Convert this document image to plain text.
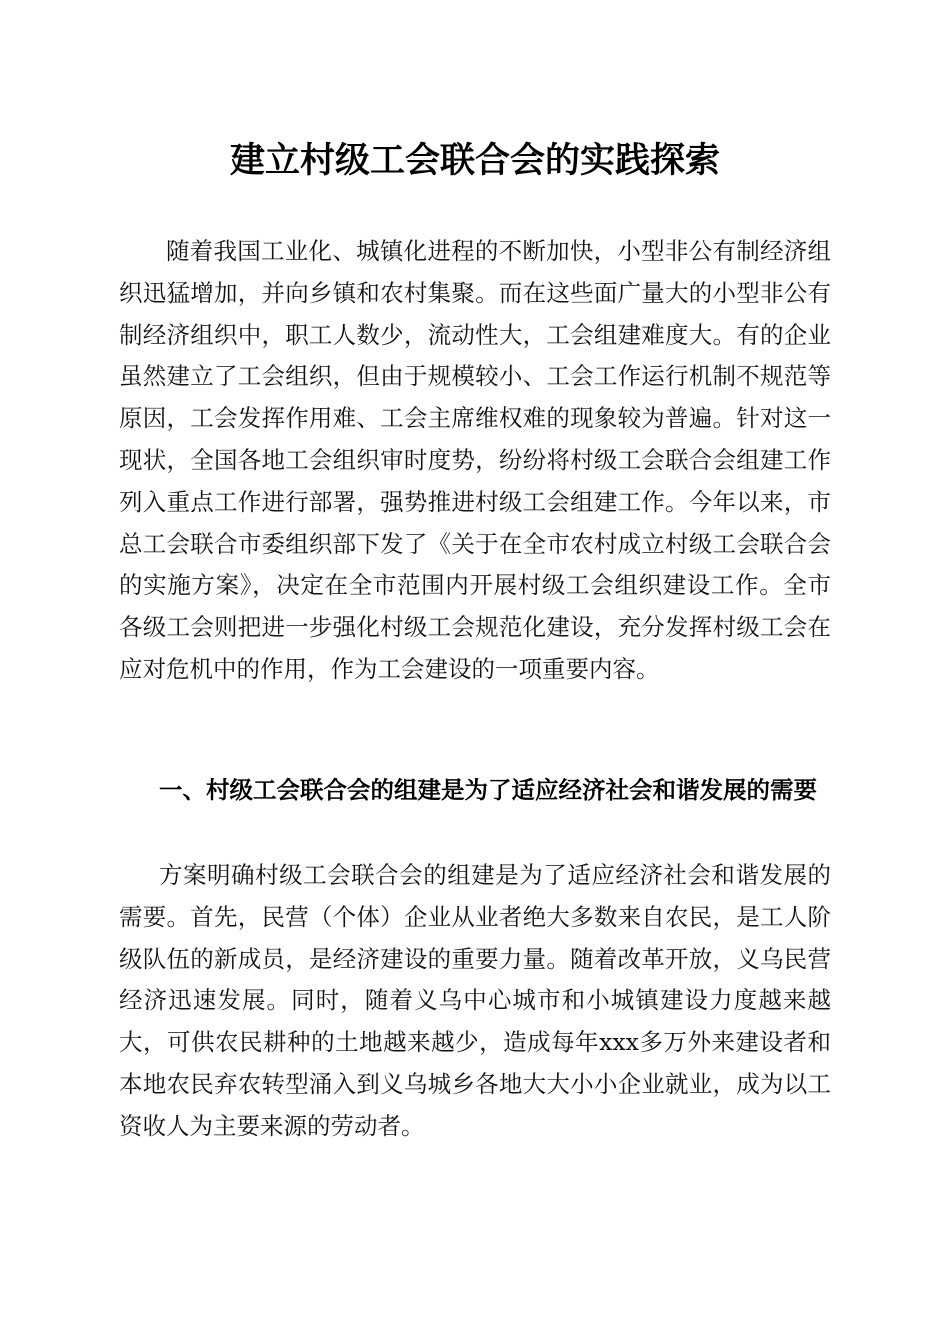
建立村级工会联合会的实践探索

随着我国工业化、城镇化进程的不断加快，小型非公有制经济组织迅猛增加，并向乡镇和农村集聚。而在这些面广量大的小型非公有制经济组织中，职工人数少，流动性大，工会组建难度大。有的企业虽然建立了工会组织，但由于规模较小、工会工作运行机制不规范等原因，工会发挥作用难、工会主席维权难的现象较为普遍。针对这一现状，全国各地工会组织审时度势，纷纷将村级工会联合会组建工作列入重点工作进行部署，强势推进村级工会组建工作。今年以来，市总工会联合市委组织部下发了《关于在全市农村成立村级工会联合会的实施方案》，决定在全市范围内开展村级工会组织建设工作。全市各级工会则把进一步强化村级工会规范化建设，充分发挥村级工会在应对危机中的作用，作为工会建设的一项重要内容。

一、村级工会联合会的组建是为了适应经济社会和谐发展的需要

方案明确村级工会联合会的组建是为了适应经济社会和谐发展的需要。首先，民营（个体）企业从业者绝大多数来自农民，是工人阶级队伍的新成员，是经济建设的重要力量。随着改革开放，义乌民营经济迅速发展。同时，随着义乌中心城市和小城镇建设力度越来越大，可供农民耕种的土地越来越少，造成每年xxx多万外来建设者和本地农民弃农转型涌入到义乌城乡各地大大小小企业就业，成为以工资收人为主要来源的劳动者。
